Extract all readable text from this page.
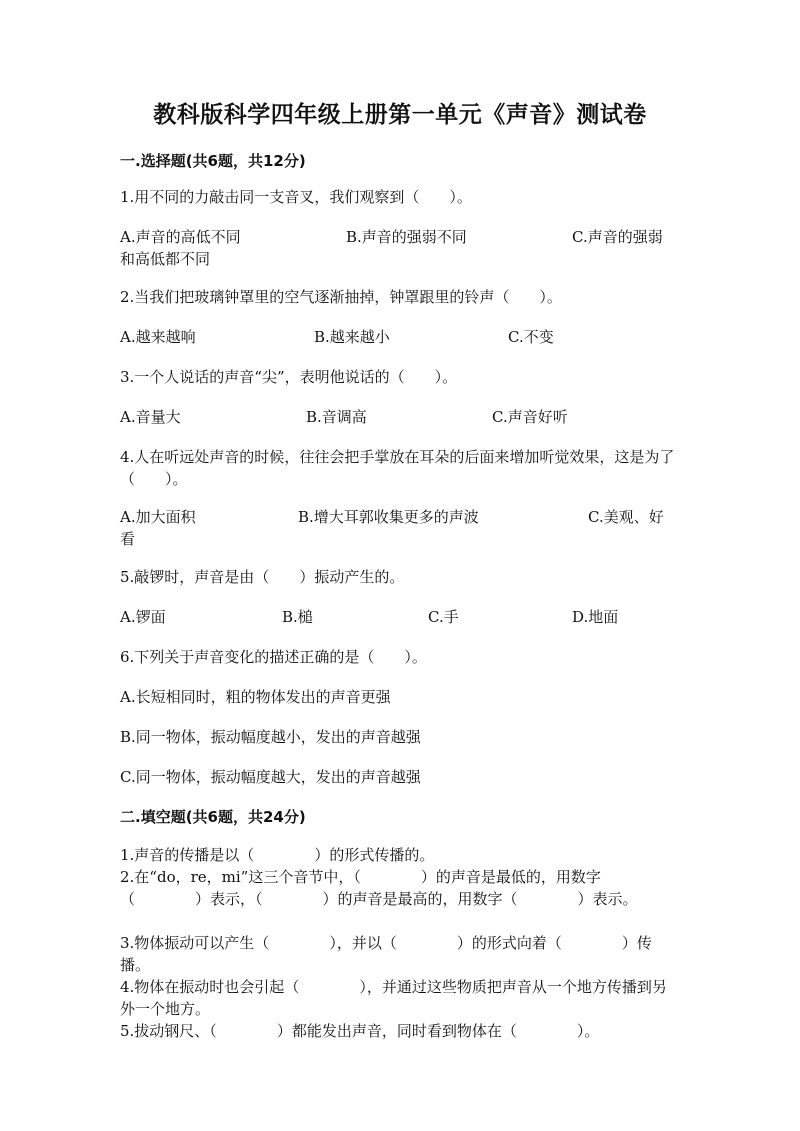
教科版科学四年级上册第一单元《声音》测试卷
一.选择题(共6题，共12分)
1.用不同的力敲击同一支音叉，我们观察到（　　）。
A.声音的高低不同	B.声音的强弱不同	C.声音的强弱
和高低都不同
2.当我们把玻璃钟罩里的空气逐渐抽掉，钟罩跟里的铃声（　　）。
A.越来越响	B.越来越小	C.不变
3.一个人说话的声音“尖”，表明他说话的（　　）。
A.音量大	B.音调高	C.声音好听
4.人在听远处声音的时候，往往会把手掌放在耳朵的后面来增加听觉效果，这是为了（　　）。
A.加大面积	B.增大耳郭收集更多的声波	C.美观、好
看
5.敲锣时，声音是由（　　）振动产生的。
A.锣面	B.槌	C.手	D.地面
6.下列关于声音变化的描述正确的是（　　）。
A.长短相同时，粗的物体发出的声音更强
B.同一物体，振动幅度越小，发出的声音越强
C.同一物体，振动幅度越大，发出的声音越强
二.填空题(共6题，共24分)
1.声音的传播是以（　　　　）的形式传播的。
2.在“do，re，mi”这三个音节中，（　　　　）的声音是最低的，用数字（　　　　）表示，（　　　　）的声音是最高的，用数字（　　　　）表示。
3.物体振动可以产生（　　　　），并以（　　　　）的形式向着（　　　　）传播。
4.物体在振动时也会引起（　　　　），并通过这些物质把声音从一个地方传播到另外一个地方。
5.拔动钢尺、（　　　　）都能发出声音，同时看到物体在（　　　　）。
